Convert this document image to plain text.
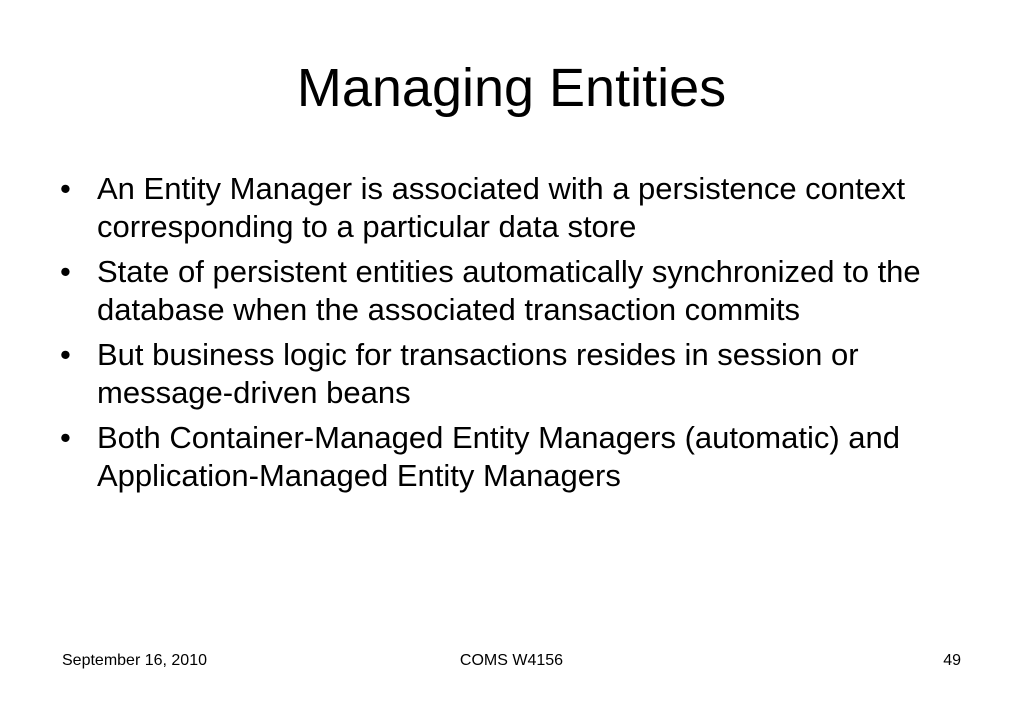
Managing Entities
• An Entity Manager is associated with a persistence context corresponding to a particular data store
• State of persistent entities automatically synchronized to the database when the associated transaction commits
• But business logic for transactions resides in session or message-driven beans
• Both Container-Managed Entity Managers (automatic) and Application-Managed Entity Managers
September 16, 2010	COMS W4156	49
